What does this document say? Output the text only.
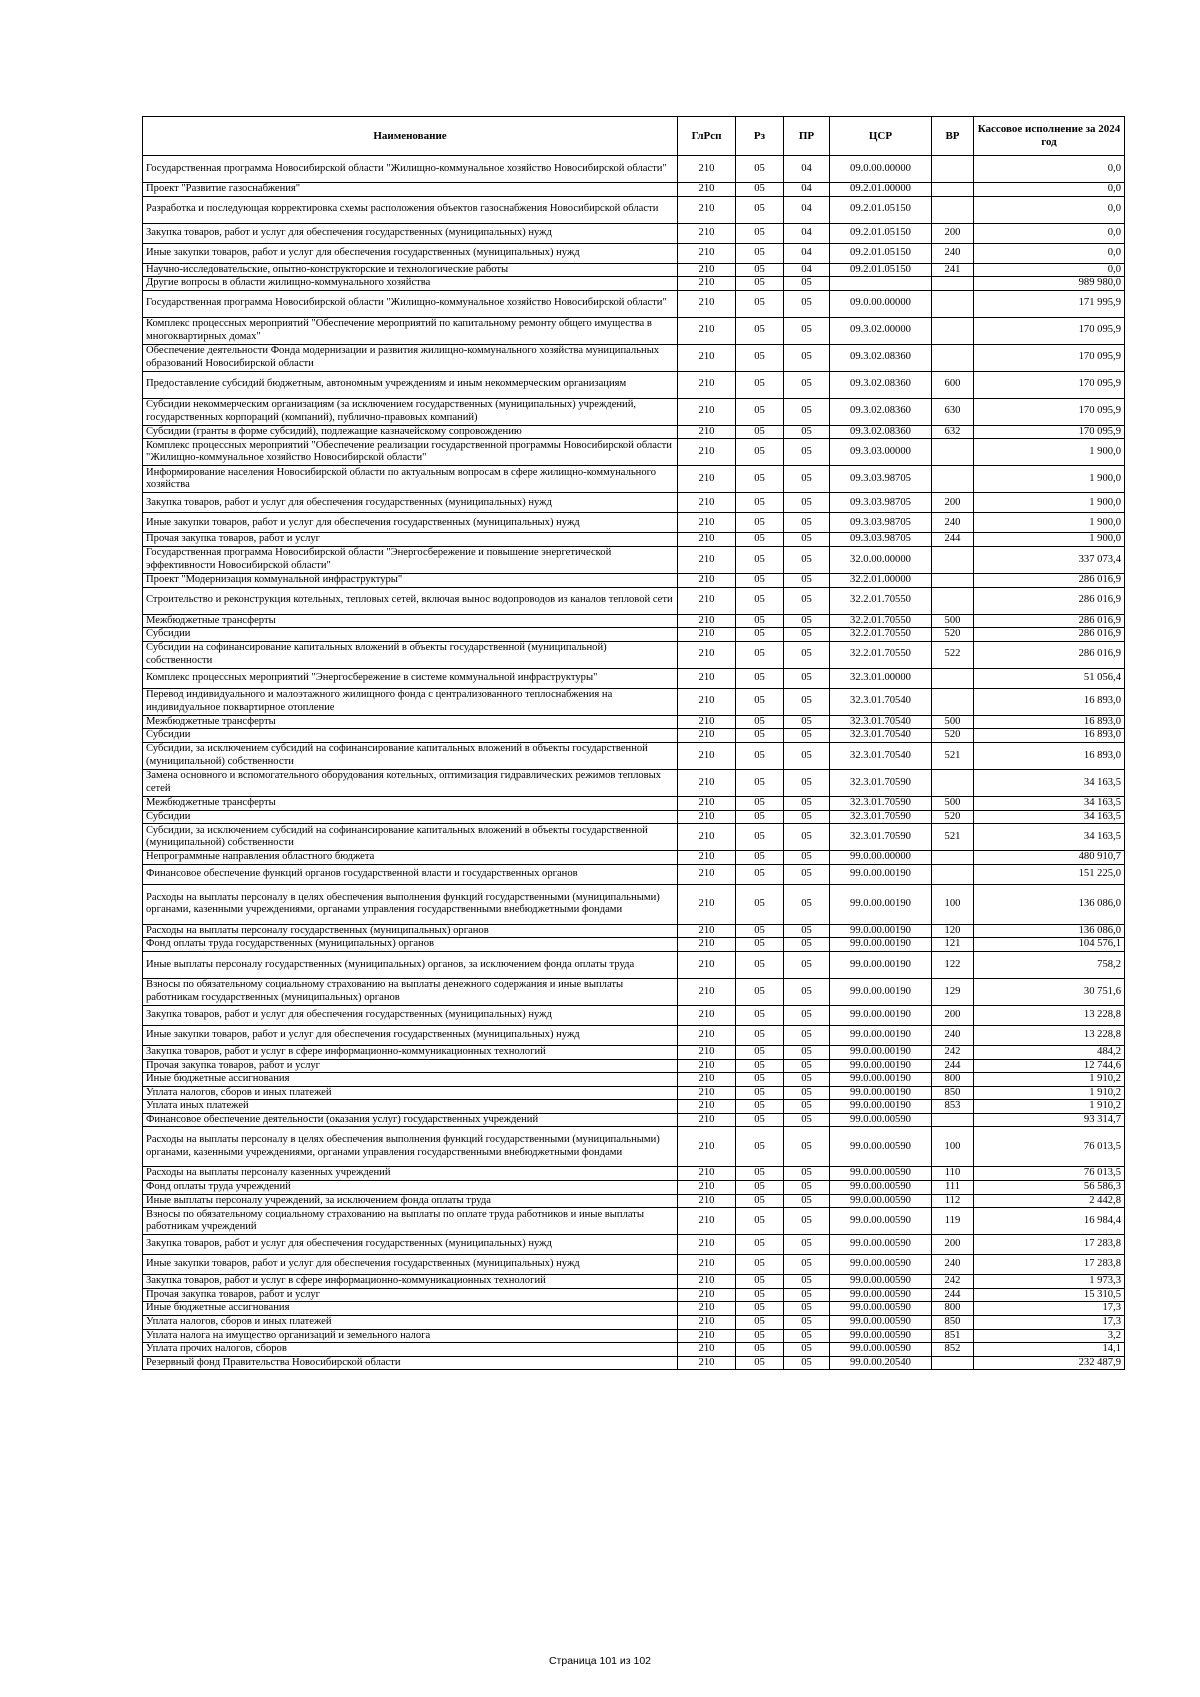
Наименование	ГлРсп	Рз	ПР	ЦСР	ВР	Кассовое исполнение за 2024 год
Государственная программа Новосибирской области "Жилищно-коммунальное хозяйство Новосибирской области"	210	05	04	09.0.00.00000		0,0
Проект "Развитие газоснабжения"	210	05	04	09.2.01.00000		0,0
Разработка и последующая корректировка схемы расположения объектов газоснабжения Новосибирской области	210	05	04	09.2.01.05150		0,0
Закупка товаров, работ и услуг для обеспечения государственных (муниципальных) нужд	210	05	04	09.2.01.05150	200	0,0
Иные закупки товаров, работ и услуг для обеспечения государственных (муниципальных) нужд	210	05	04	09.2.01.05150	240	0,0
Научно-исследовательские, опытно-конструкторские и технологические работы	210	05	04	09.2.01.05150	241	0,0
Другие вопросы в области жилищно-коммунального хозяйства	210	05	05			989 980,0
Государственная программа Новосибирской области "Жилищно-коммунальное хозяйство Новосибирской области"	210	05	05	09.0.00.00000		171 995,9
Комплекс процессных мероприятий "Обеспечение мероприятий по капитальному ремонту общего имущества в многоквартирных домах"	210	05	05	09.3.02.00000		170 095,9
Обеспечение деятельности Фонда модернизации и развития жилищно-коммунального хозяйства муниципальных образований Новосибирской области	210	05	05	09.3.02.08360		170 095,9
Предоставление субсидий бюджетным, автономным учреждениям и иным некоммерческим организациям	210	05	05	09.3.02.08360	600	170 095,9
Субсидии некоммерческим организациям (за исключением государственных (муниципальных) учреждений, государственных корпораций (компаний), публично-правовых компаний)	210	05	05	09.3.02.08360	630	170 095,9
Субсидии (гранты в форме субсидий), подлежащие казначейскому сопровождению	210	05	05	09.3.02.08360	632	170 095,9
Комплекс процессных мероприятий "Обеспечение реализации государственной программы Новосибирской области "Жилищно-коммунальное хозяйство Новосибирской области"	210	05	05	09.3.03.00000		1 900,0
Информирование населения Новосибирской области по актуальным вопросам в сфере жилищно-коммунального хозяйства	210	05	05	09.3.03.98705		1 900,0
Закупка товаров, работ и услуг для обеспечения государственных (муниципальных) нужд	210	05	05	09.3.03.98705	200	1 900,0
Иные закупки товаров, работ и услуг для обеспечения государственных (муниципальных) нужд	210	05	05	09.3.03.98705	240	1 900,0
Прочая закупка товаров, работ и услуг	210	05	05	09.3.03.98705	244	1 900,0
Государственная программа Новосибирской области "Энергосбережение и повышение энергетической эффективности Новосибирской области"	210	05	05	32.0.00.00000		337 073,4
Проект "Модернизация коммунальной инфраструктуры"	210	05	05	32.2.01.00000		286 016,9
Строительство и реконструкция котельных, тепловых сетей, включая вынос водопроводов из каналов тепловой сети	210	05	05	32.2.01.70550		286 016,9
Межбюджетные трансферты	210	05	05	32.2.01.70550	500	286 016,9
Субсидии	210	05	05	32.2.01.70550	520	286 016,9
Субсидии на софинансирование капитальных вложений в объекты государственной (муниципальной) собственности	210	05	05	32.2.01.70550	522	286 016,9
Комплекс процессных мероприятий "Энергосбережение в системе коммунальной инфраструктуры"	210	05	05	32.3.01.00000		51 056,4
Перевод индивидуального и малоэтажного жилищного фонда с централизованного теплоснабжения на индивидуальное поквартирное отопление	210	05	05	32.3.01.70540		16 893,0
Межбюджетные трансферты	210	05	05	32.3.01.70540	500	16 893,0
Субсидии	210	05	05	32.3.01.70540	520	16 893,0
Субсидии, за исключением субсидий на софинансирование капитальных вложений в объекты государственной (муниципальной) собственности	210	05	05	32.3.01.70540	521	16 893,0
Замена основного и вспомогательного оборудования котельных, оптимизация гидравлических режимов тепловых сетей	210	05	05	32.3.01.70590		34 163,5
Межбюджетные трансферты	210	05	05	32.3.01.70590	500	34 163,5
Субсидии	210	05	05	32.3.01.70590	520	34 163,5
Субсидии, за исключением субсидий на софинансирование капитальных вложений в объекты государственной (муниципальной) собственности	210	05	05	32.3.01.70590	521	34 163,5
Непрограммные направления областного бюджета	210	05	05	99.0.00.00000		480 910,7
Финансовое обеспечение функций органов государственной власти и государственных органов	210	05	05	99.0.00.00190		151 225,0
Расходы на выплаты персоналу в целях обеспечения выполнения функций государственными (муниципальными) органами, казенными учреждениями, органами управления государственными внебюджетными фондами	210	05	05	99.0.00.00190	100	136 086,0
Расходы на выплаты персоналу государственных (муниципальных) органов	210	05	05	99.0.00.00190	120	136 086,0
Фонд оплаты труда государственных (муниципальных) органов	210	05	05	99.0.00.00190	121	104 576,1
Иные выплаты персоналу государственных (муниципальных) органов, за исключением фонда оплаты труда	210	05	05	99.0.00.00190	122	758,2
Взносы по обязательному социальному страхованию на выплаты денежного содержания и иные выплаты работникам государственных (муниципальных) органов	210	05	05	99.0.00.00190	129	30 751,6
Закупка товаров, работ и услуг для обеспечения государственных (муниципальных) нужд	210	05	05	99.0.00.00190	200	13 228,8
Иные закупки товаров, работ и услуг для обеспечения государственных (муниципальных) нужд	210	05	05	99.0.00.00190	240	13 228,8
Закупка товаров, работ и услуг в сфере информационно-коммуникационных технологий	210	05	05	99.0.00.00190	242	484,2
Прочая закупка товаров, работ и услуг	210	05	05	99.0.00.00190	244	12 744,6
Иные бюджетные ассигнования	210	05	05	99.0.00.00190	800	1 910,2
Уплата налогов, сборов и иных платежей	210	05	05	99.0.00.00190	850	1 910,2
Уплата иных платежей	210	05	05	99.0.00.00190	853	1 910,2
Финансовое обеспечение деятельности (оказания услуг) государственных учреждений	210	05	05	99.0.00.00590		93 314,7
Расходы на выплаты персоналу в целях обеспечения выполнения функций государственными (муниципальными) органами, казенными учреждениями, органами управления государственными внебюджетными фондами	210	05	05	99.0.00.00590	100	76 013,5
Расходы на выплаты персоналу казенных учреждений	210	05	05	99.0.00.00590	110	76 013,5
Фонд оплаты труда учреждений	210	05	05	99.0.00.00590	111	56 586,3
Иные выплаты персоналу учреждений, за исключением фонда оплаты труда	210	05	05	99.0.00.00590	112	2 442,8
Взносы по обязательному социальному страхованию на выплаты по оплате труда работников и иные выплаты работникам учреждений	210	05	05	99.0.00.00590	119	16 984,4
Закупка товаров, работ и услуг для обеспечения государственных (муниципальных) нужд	210	05	05	99.0.00.00590	200	17 283,8
Иные закупки товаров, работ и услуг для обеспечения государственных (муниципальных) нужд	210	05	05	99.0.00.00590	240	17 283,8
Закупка товаров, работ и услуг в сфере информационно-коммуникационных технологий	210	05	05	99.0.00.00590	242	1 973,3
Прочая закупка товаров, работ и услуг	210	05	05	99.0.00.00590	244	15 310,5
Иные бюджетные ассигнования	210	05	05	99.0.00.00590	800	17,3
Уплата налогов, сборов и иных платежей	210	05	05	99.0.00.00590	850	17,3
Уплата налога на имущество организаций и земельного налога	210	05	05	99.0.00.00590	851	3,2
Уплата прочих налогов, сборов	210	05	05	99.0.00.00590	852	14,1
Резервный фонд Правительства Новосибирской области	210	05	05	99.0.00.20540		232 487,9
Страница 101 из 102
